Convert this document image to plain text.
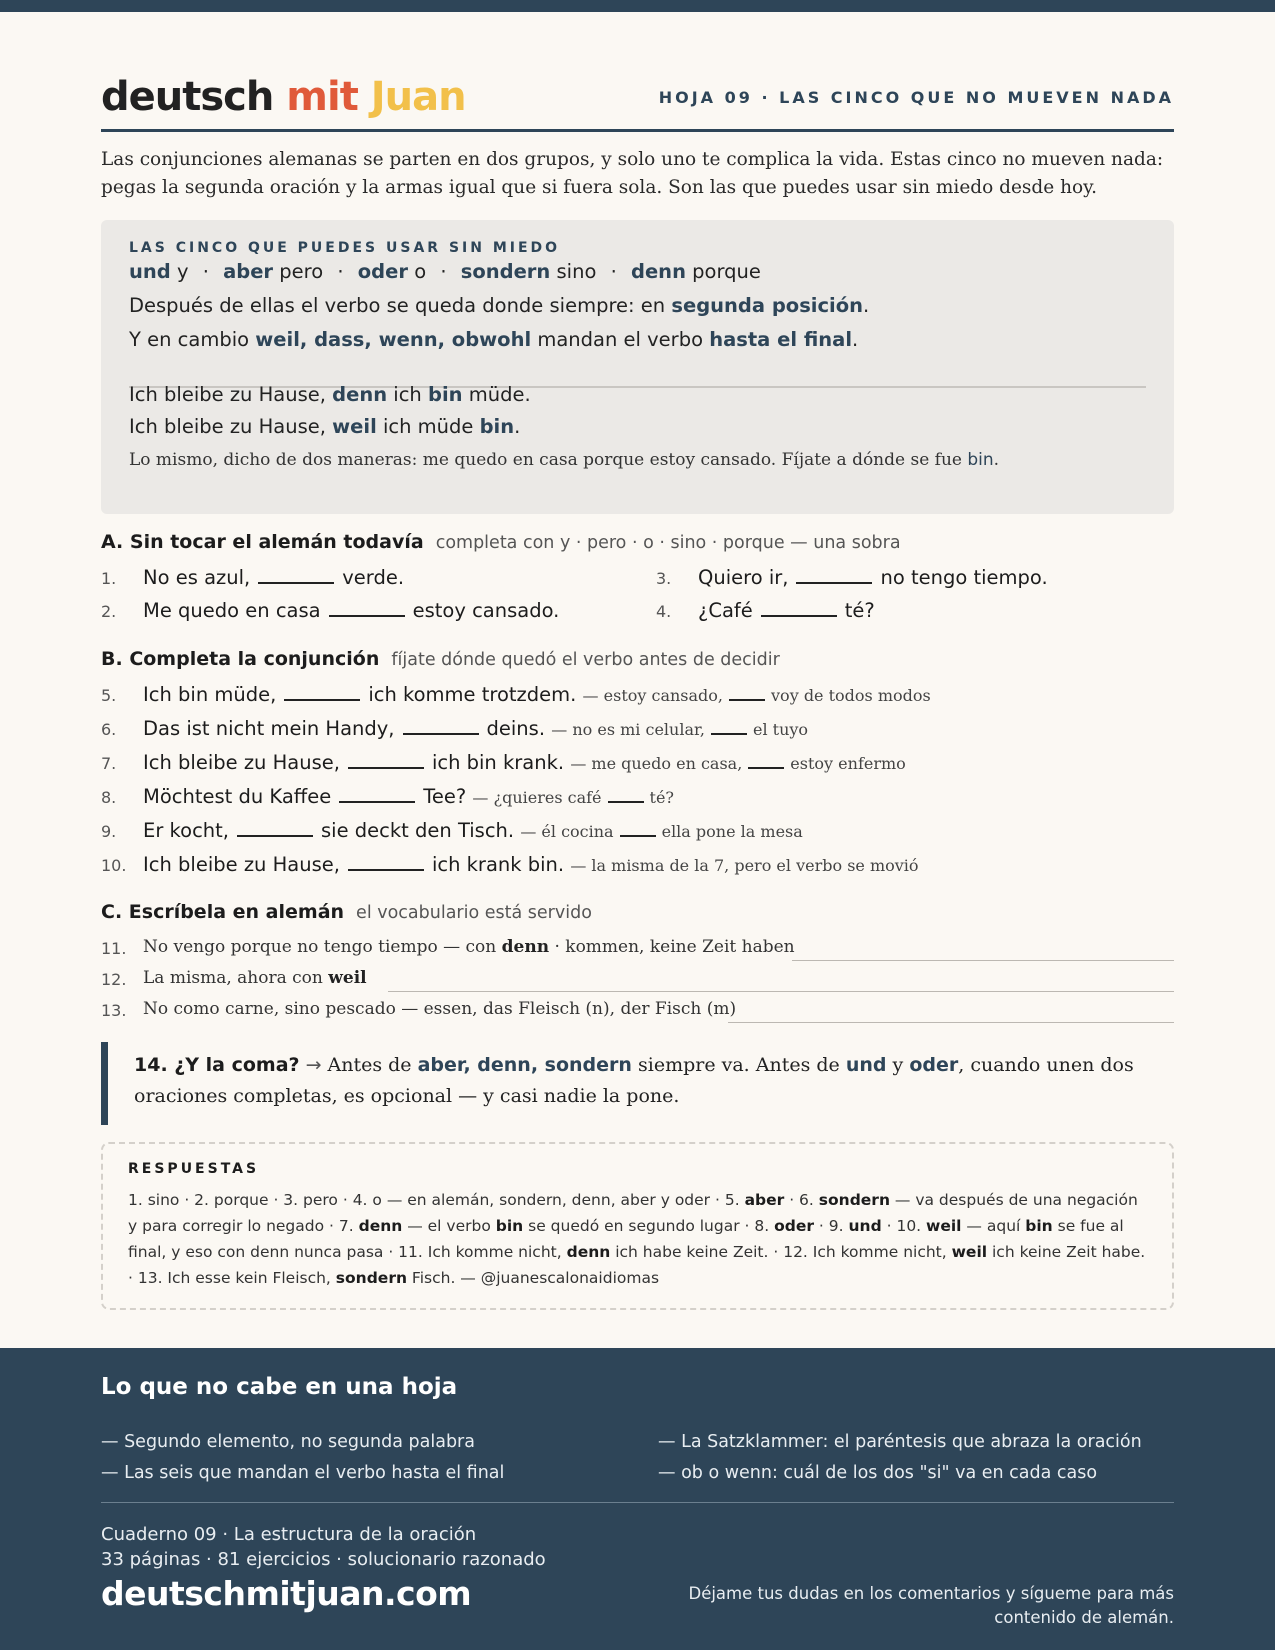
deutsch mit Juan	HOJA 09 · LAS CINCO QUE NO MUEVEN NADA

Las conjunciones alemanas se parten en dos grupos, y solo uno te complica la vida. Estas cinco no mueven nada: pegas la segunda oración y la armas igual que si fuera sola. Son las que puedes usar sin miedo desde hoy.

LAS CINCO QUE PUEDES USAR SIN MIEDO
und y · aber pero · oder o · sondern sino · denn porque
Después de ellas el verbo se queda donde siempre: en segunda posición.
Y en cambio weil, dass, wenn, obwohl mandan el verbo hasta el final.
Ich bleibe zu Hause, denn ich bin müde.
Ich bleibe zu Hause, weil ich müde bin.
Lo mismo, dicho de dos maneras: me quedo en casa porque estoy cansado. Fíjate a dónde se fue bin.
A. Sin tocar el alemán todavía completa con y · pero · o · sino · porque — una sobra
1. No es azul,	verde.
2. Me quedo en casa	estoy cansado.
3. Quiero ir,	no tengo tiempo.
4. ¿Café	té?
B. Completa la conjunción fíjate dónde quedó el verbo antes de decidir
5. Ich bin müde,	ich komme trotzdem. — estoy cansado,	voy de todos modos
6. Das ist nicht mein Handy,	deins. — no es mi celular,	el tuyo
7. Ich bleibe zu Hause,	ich bin krank. — me quedo en casa,	estoy enfermo
8. Möchtest du Kaffee	Tee? — ¿quieres café	té?
9. Er kocht,	sie deckt den Tisch. — él cocina	ella pone la mesa
10. Ich bleibe zu Hause,	ich krank bin. — la misma de la 7, pero el verbo se movió
C. Escríbela en alemán el vocabulario está servido
11. No vengo porque no tengo tiempo — con denn · kommen, keine Zeit haben
12. La misma, ahora con weil
13. No como carne, sino pescado — essen, das Fleisch (n), der Fisch (m)
14. ¿Y la coma? → Antes de aber, denn, sondern siempre va. Antes de und y oder, cuando unen dos oraciones completas, es opcional — y casi nadie la pone.
RESPUESTAS
1. sino · 2. porque · 3. pero · 4. o — en alemán, sondern, denn, aber y oder · 5. aber · 6. sondern — va después de una negación y para corregir lo negado · 7. denn — el verbo bin se quedó en segundo lugar · 8. oder · 9. und · 10. weil — aquí bin se fue al final, y eso con denn nunca pasa · 11. Ich komme nicht, denn ich habe keine Zeit. · 12. Ich komme nicht, weil ich keine Zeit habe. · 13. Ich esse kein Fleisch, sondern Fisch. — @juanescalonaidiomas
Lo que no cabe en una hoja
— Segundo elemento, no segunda palabra
— Las seis que mandan el verbo hasta el final
— La Satzklammer: el paréntesis que abraza la oración
— ob o wenn: cuál de los dos "si" va en cada caso
Cuaderno 09 · La estructura de la oración
33 páginas · 81 ejercicios · solucionario razonado
deutschmitjuan.com	Déjame tus dudas en los comentarios y sígueme para más contenido de alemán.
